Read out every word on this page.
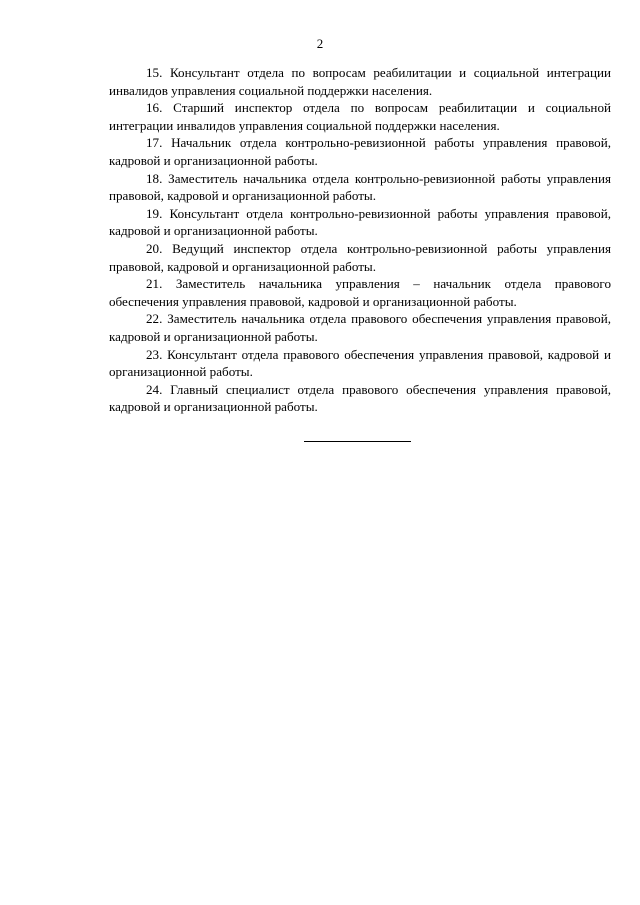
2

15. Консультант отдела по вопросам реабилитации и социальной интеграции инвалидов управления социальной поддержки населения.

16. Старший инспектор отдела по вопросам реабилитации и социальной интеграции инвалидов управления социальной поддержки населения.

17. Начальник отдела контрольно-ревизионной работы управления правовой, кадровой и организационной работы.

18. Заместитель начальника отдела контрольно-ревизионной работы управления правовой, кадровой и организационной работы.

19. Консультант отдела контрольно-ревизионной работы управления правовой, кадровой и организационной работы.

20. Ведущий инспектор отдела контрольно-ревизионной работы управления правовой, кадровой и организационной работы.

21. Заместитель начальника управления – начальник отдела правового обеспечения управления правовой, кадровой и организационной работы.

22. Заместитель начальника отдела правового обеспечения управления правовой, кадровой и организационной работы.

23. Консультант отдела правового обеспечения управления правовой, кадровой и организационной работы.

24. Главный специалист отдела правового обеспечения управления правовой, кадровой и организационной работы.
